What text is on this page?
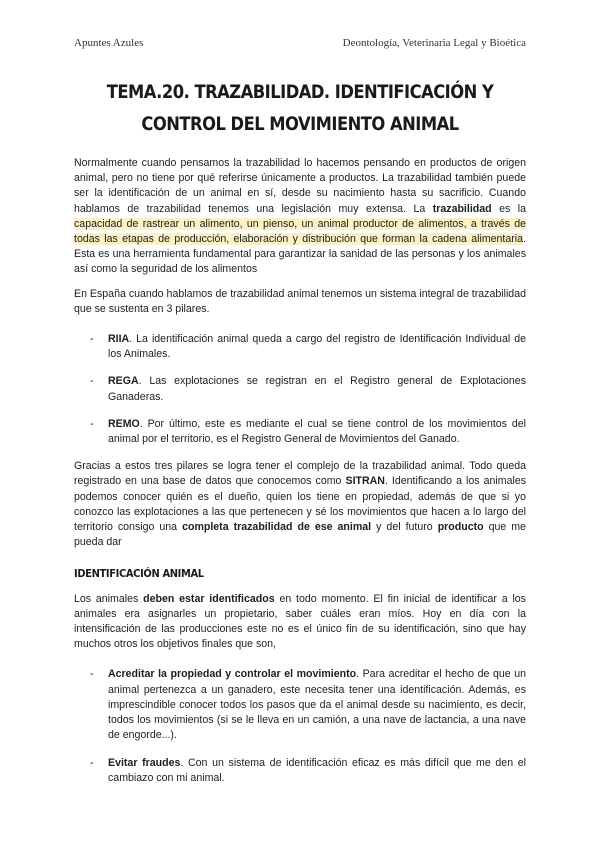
Apuntes Azules	Deontología, Veterinaria Legal y Bioética
TEMA.20. TRAZABILIDAD. IDENTIFICACIÓN Y CONTROL DEL MOVIMIENTO ANIMAL

Normalmente cuando pensamos la trazabilidad lo hacemos pensando en productos de origen animal, pero no tiene por qué referirse únicamente a productos. La trazabilidad también puede ser la identificación de un animal en sí, desde su nacimiento hasta su sacrificio. Cuando hablamos de trazabilidad tenemos una legislación muy extensa. La trazabilidad es la capacidad de rastrear un alimento, un pienso, un animal productor de alimentos, a través de todas las etapas de producción, elaboración y distribución que forman la cadena alimentaria. Esta es una herramienta fundamental para garantizar la sanidad de las personas y los animales así como la seguridad de los alimentos

En España cuando hablamos de trazabilidad animal tenemos un sistema integral de trazabilidad que se sustenta en 3 pilares.

- RIIA. La identificación animal queda a cargo del registro de Identificación Individual de los Animales.
- REGA. Las explotaciones se registran en el Registro general de Explotaciones Ganaderas.
- REMO. Por último, este es mediante el cual se tiene control de los movimientos del animal por el territorio, es el Registro General de Movimientos del Ganado.

Gracias a estos tres pilares se logra tener el complejo de la trazabilidad animal. Todo queda registrado en una base de datos que conocemos como SITRAN. Identificando a los animales podemos conocer quién es el dueño, quien los tiene en propiedad, además de que si yo conozco las explotaciones a las que pertenecen y sé los movimientos que hacen a lo largo del territorio consigo una completa trazabilidad de ese animal y del futuro producto que me pueda dar

IDENTIFICACIÓN ANIMAL

Los animales deben estar identificados en todo momento. El fin inicial de identificar a los animales era asignarles un propietario, saber cuáles eran míos. Hoy en día con la intensificación de las producciones este no es el único fin de su identificación, sino que hay muchos otros los objetivos finales que son,

- Acreditar la propiedad y controlar el movimiento. Para acreditar el hecho de que un animal pertenezca a un ganadero, este necesita tener una identificación. Además, es imprescindible conocer todos los pasos que da el animal desde su nacimiento, es decir, todos los movimientos (si se le lleva en un camión, a una nave de lactancia, a una nave de engorde...).
- Evitar fraudes. Con un sistema de identificación eficaz es más difícil que me den el cambiazo con mi animal.
